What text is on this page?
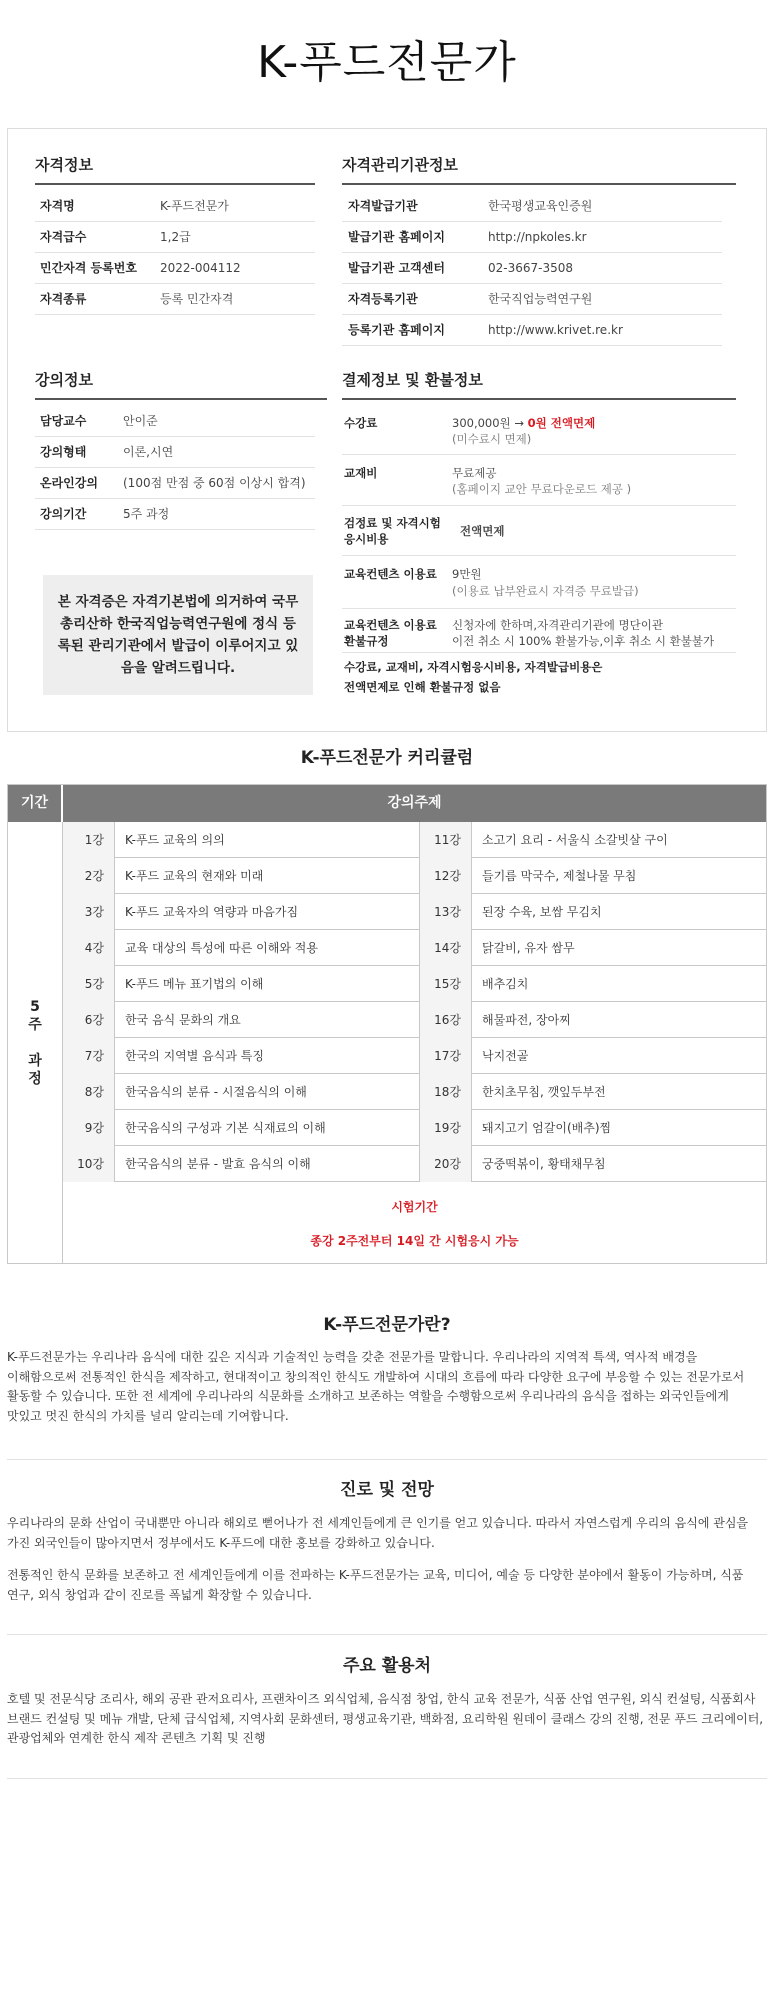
K-푸드전문가
자격정보
자격명	K-푸드전문가
자격급수	1,2급
민간자격 등록번호 2022-004112
자격종류	등록 민간자격
자격관리기관정보
자격발급기관	한국평생교육인증원
발급기관 홈페이지	http://npkoles.kr
발급기관 고객센터	02-3667-3508
자격등록기관	한국직업능력연구원
등록기관 홈페이지	http://www.krivet.re.kr
강의정보
담당교수	안이준
강의형태	이론,시연
온라인강의 (100점 만점 중 60점 이상시 합격)
강의기간	5주 과정
본 자격증은 자격기본법에 의거하여 국무총리산하 한국직업능력연구원에 정식 등록된 관리기관에서 발급이 이루어지고 있음을 알려드립니다.
결제정보 및 환불정보
수강료	300,000원 → 0원 전액면제
(미수료시 면제)
교재비	무료제공
(홈페이지 교안 무료다운로드 제공 )
검정료 및 자격시험
응시비용
전액면제
교육컨텐츠 이용료 9만원
(이용료 납부완료시 자격증 무료발급)
교육컨텐츠 이용료
환불규정
신청자에 한하며,자격관리기관에 명단이관
이전 취소 시 100% 환불가능,이후 취소 시 환불불가
수강료, 교재비, 자격시험응시비용, 자격발급비용은
전액면제로 인해 환불규정 없음
K-푸드전문가 커리큘럼
기간	강의주제
5
주

과
정
1강	K-푸드 교육의 의의	11강	소고기 요리 - 서울식 소갈빗살 구이
2강	K-푸드 교육의 현재와 미래	12강	들기름 막국수, 제철나물 무침
3강	K-푸드 교육자의 역량과 마음가짐	13강	된장 수육, 보쌈 무김치
4강	교육 대상의 특성에 따른 이해와 적용	14강	닭갈비, 유자 쌈무
5강	K-푸드 메뉴 표기법의 이해	15강	배추김치
6강	한국 음식 문화의 개요	16강	해물파전, 장아찌
7강	한국의 지역별 음식과 특징	17강	낙지전골
8강	한국음식의 분류 - 시절음식의 이해	18강	한치초무침, 깻잎두부전
9강	한국음식의 구성과 기본 식재료의 이해	19강	돼지고기 엄갈이(배추)찜
10강	한국음식의 분류 - 발효 음식의 이해	20강	궁중떡볶이, 황태채무침
시험기간
종강 2주전부터 14일 간 시험응시 가능
K-푸드전문가란?
K-푸드전문가는 우리나라 음식에 대한 깊은 지식과 기술적인 능력을 갖춘 전문가를 말합니다. 우리나라의 지역적 특색, 역사적 배경을 이해함으로써 전통적인 한식을 제작하고, 현대적이고 창의적인 한식도 개발하여 시대의 흐름에 따라 다양한 요구에 부응할 수 있는 전문가로서 활동할 수 있습니다. 또한 전 세계에 우리나라의 식문화를 소개하고 보존하는 역할을 수행함으로써 우리나라의 음식을 접하는 외국인들에게 맛있고 멋진 한식의 가치를 널리 알리는데 기여합니다.
진로 및 전망
우리나라의 문화 산업이 국내뿐만 아니라 해외로 뻗어나가 전 세계인들에게 큰 인기를 얻고 있습니다. 따라서 자연스럽게 우리의 음식에 관심을 가진 외국인들이 많아지면서 정부에서도 K-푸드에 대한 홍보를 강화하고 있습니다.
전통적인 한식 문화를 보존하고 전 세계인들에게 이를 전파하는 K-푸드전문가는 교육, 미디어, 예술 등 다양한 분야에서 활동이 가능하며, 식품 연구, 외식 창업과 같이 진로를 폭넓게 확장할 수 있습니다.
주요 활용처
호텔 및 전문식당 조리사, 해외 공관 관저요리사, 프랜차이즈 외식업체, 음식점 창업, 한식 교육 전문가, 식품 산업 연구원, 외식 컨설팅, 식품회사 브랜드 컨설팅 및 메뉴 개발, 단체 급식업체, 지역사회 문화센터, 평생교육기관, 백화점, 요리학원 원데이 클래스 강의 진행, 전문 푸드 크리에이터, 관광업체와 연계한 한식 제작 콘텐츠 기획 및 진행
